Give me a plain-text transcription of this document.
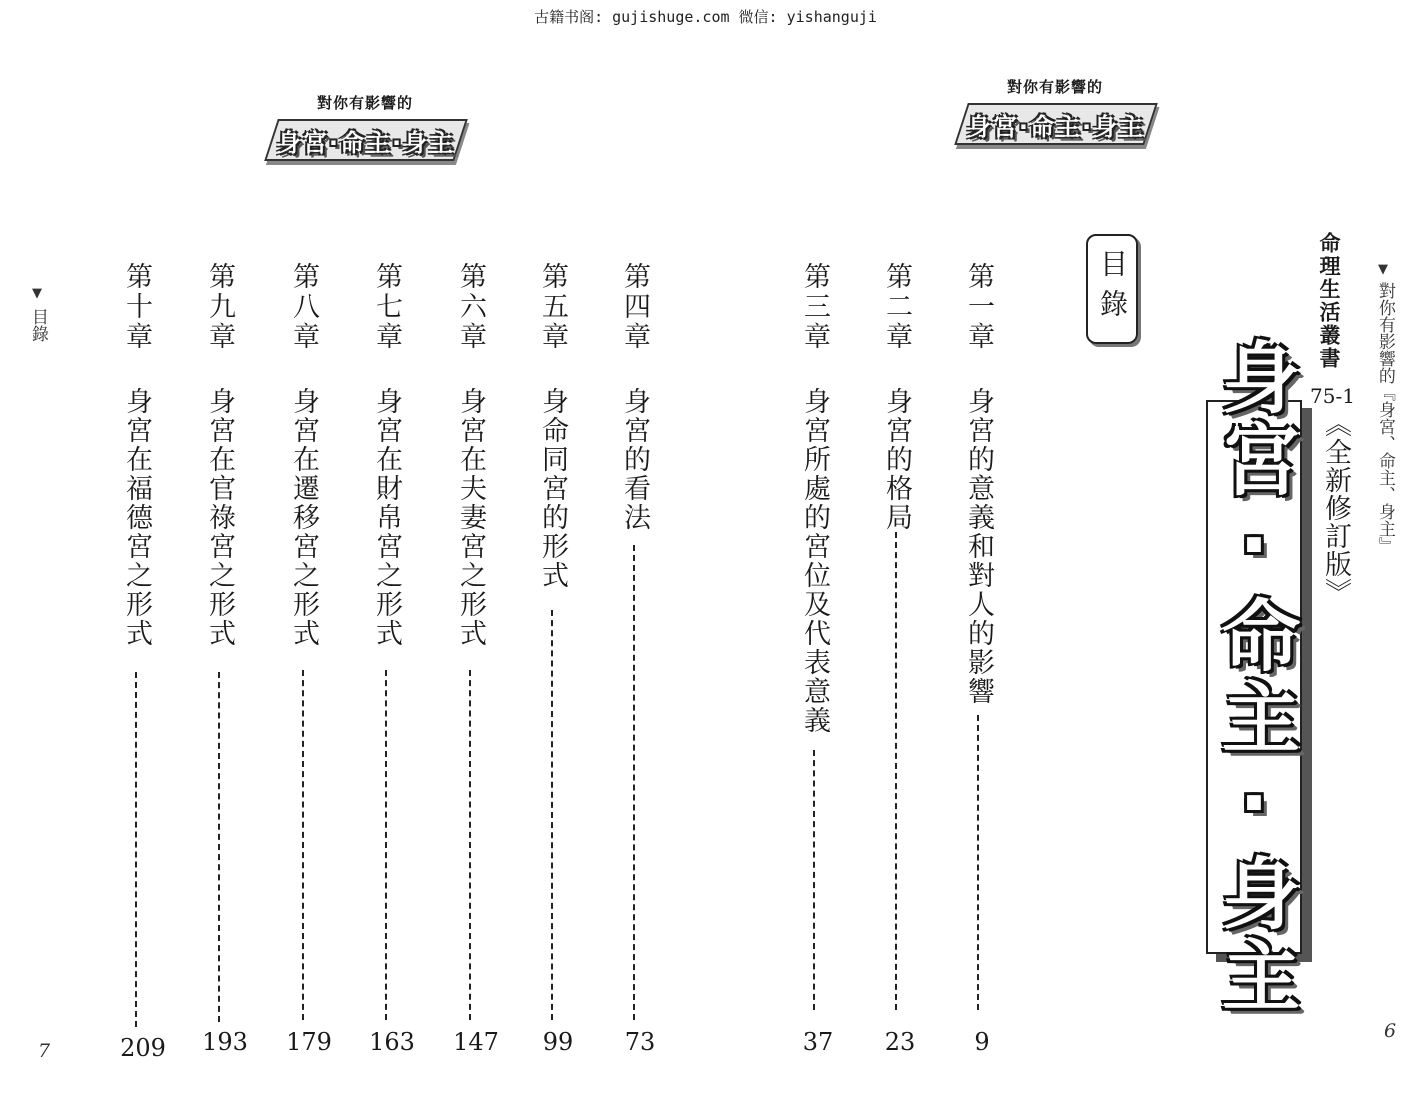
古籍书阁: gujishuge.com 微信: yishanguji
對你有影響的
身宮·命主·身主
對你有影響的
身宮·命主·身主
▼
目錄
▼
對你有影響的『身宮、命主、身主』
7
6
命理生活叢書
75-1
《全新修訂版》
身宮·命主·身主
目錄
第一章
身宮的意義和對人的影響
9
第二章
身宮的格局
23
第三章
身宮所處的宮位及代表意義
37
第四章
身宮的看法
73
第五章
身命同宮的形式
99
第六章
身宮在夫妻宮之形式
147
第七章
身宮在財帛宮之形式
163
第八章
身宮在遷移宮之形式
179
第九章
身宮在官祿宮之形式
193
第十章
身宮在福德宮之形式
209
